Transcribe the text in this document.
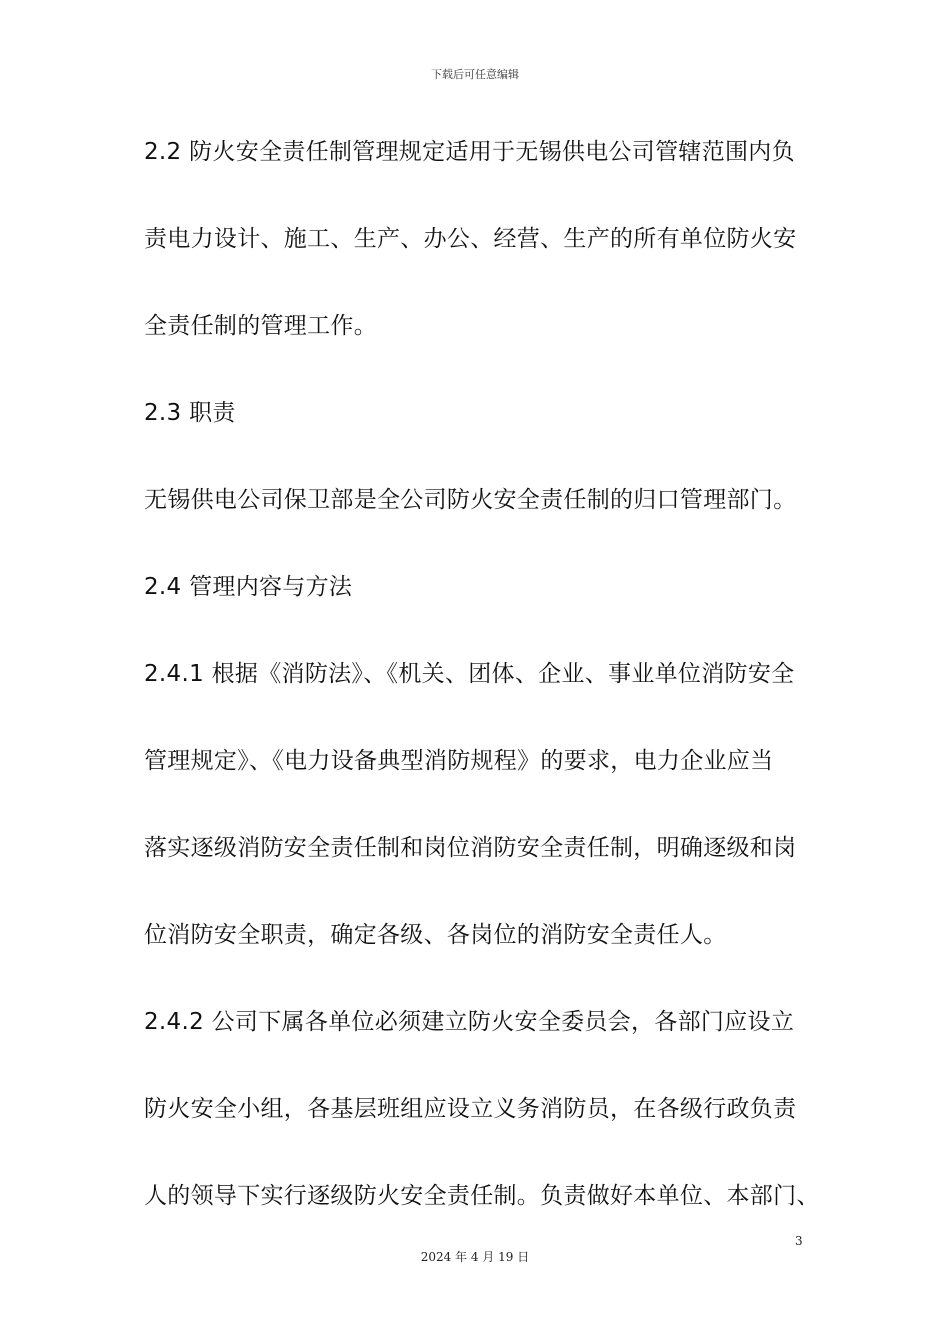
下载后可任意编辑
2.2 防火安全责任制管理规定适用于无锡供电公司管辖范围内负
责电力设计、施工、生产、办公、经营、生产的所有单位防火安
全责任制的管理工作。
2.3 职责
无锡供电公司保卫部是全公司防火安全责任制的归口管理部门。
2.4 管理内容与方法
2.4.1 根据《消防法》、《机关、团体、企业、事业单位消防安全
管理规定》、《电力设备典型消防规程》的要求，电力企业应当
落实逐级消防安全责任制和岗位消防安全责任制，明确逐级和岗
位消防安全职责，确定各级、各岗位的消防安全责任人。
2.4.2 公司下属各单位必须建立防火安全委员会，各部门应设立
防火安全小组，各基层班组应设立义务消防员，在各级行政负责
人的领导下实行逐级防火安全责任制。负责做好本单位、本部门、
3
2024 年 4 月 19 日
